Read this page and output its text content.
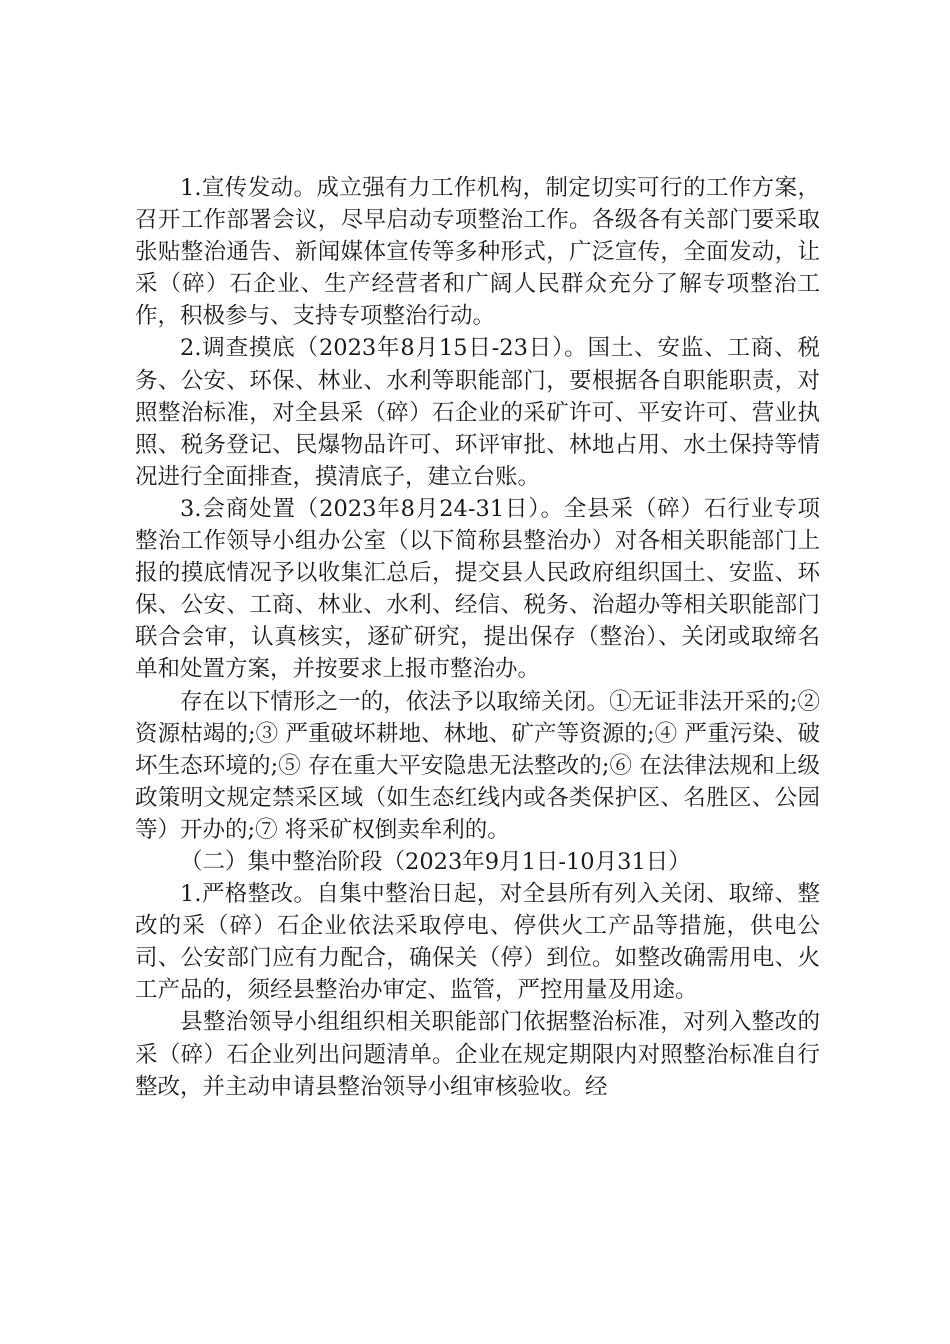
1.宣传发动。成立强有力工作机构，制定切实可行的工作方案，召开工作部署会议，尽早启动专项整治工作。各级各有关部门要采取张贴整治通告、新闻媒体宣传等多种形式，广泛宣传，全面发动，让采（碎）石企业、生产经营者和广阔人民群众充分了解专项整治工作，积极参与、支持专项整治行动。

2.调查摸底（2023年8月15日-23日）。国土、安监、工商、税务、公安、环保、林业、水利等职能部门，要根据各自职能职责，对照整治标准，对全县采（碎）石企业的采矿许可、平安许可、营业执照、税务登记、民爆物品许可、环评审批、林地占用、水土保持等情况进行全面排查，摸清底子，建立台账。

3.会商处置（2023年8月24-31日）。全县采（碎）石行业专项整治工作领导小组办公室（以下简称县整治办）对各相关职能部门上报的摸底情况予以收集汇总后，提交县人民政府组织国土、安监、环保、公安、工商、林业、水利、经信、税务、治超办等相关职能部门联合会审，认真核实，逐矿研究，提出保存（整治）、关闭或取缔名单和处置方案，并按要求上报市整治办。

存在以下情形之一的，依法予以取缔关闭。①无证非法开采的;② 资源枯竭的;③ 严重破坏耕地、林地、矿产等资源的;④ 严重污染、破坏生态环境的;⑤ 存在重大平安隐患无法整改的;⑥ 在法律法规和上级政策明文规定禁采区域（如生态红线内或各类保护区、名胜区、公园等）开办的;⑦ 将采矿权倒卖牟利的。

（二）集中整治阶段（2023年9月1日-10月31日）

1.严格整改。自集中整治日起，对全县所有列入关闭、取缔、整改的采（碎）石企业依法采取停电、停供火工产品等措施，供电公司、公安部门应有力配合，确保关（停）到位。如整改确需用电、火工产品的，须经县整治办审定、监管，严控用量及用途。

县整治领导小组组织相关职能部门依据整治标准，对列入整改的采（碎）石企业列出问题清单。企业在规定期限内对照整治标准自行整改，并主动申请县整治领导小组审核验收。经
